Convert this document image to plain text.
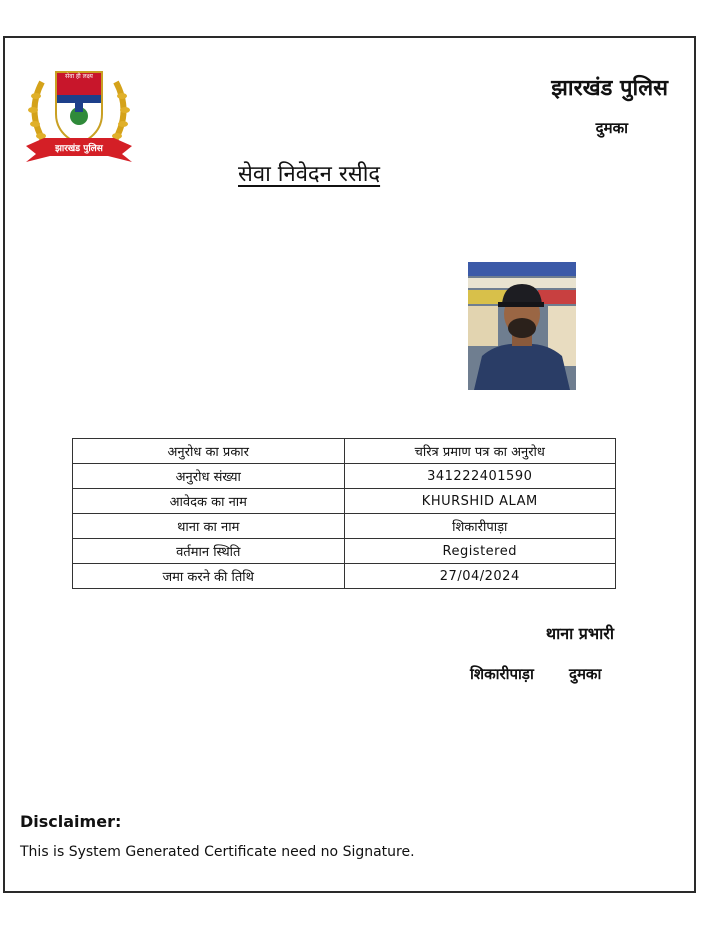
सेवा ही लक्ष्य
झारखंड पुलिस
झारखंड पुलिस
दुमका
सेवा निवेदन रसीद
अनुरोध का प्रकार	चरित्र प्रमाण पत्र का अनुरोध
अनुरोध संख्या	341222401590
आवेदक का नाम	KHURSHID ALAM
थाना का नाम	शिकारीपाड़ा
वर्तमान स्थिति	Registered
जमा करने की तिथि	27/04/2024
थाना प्रभारी
शिकारीपाड़ा दुमका
Disclaimer:
This is System Generated Certificate need no Signature.
